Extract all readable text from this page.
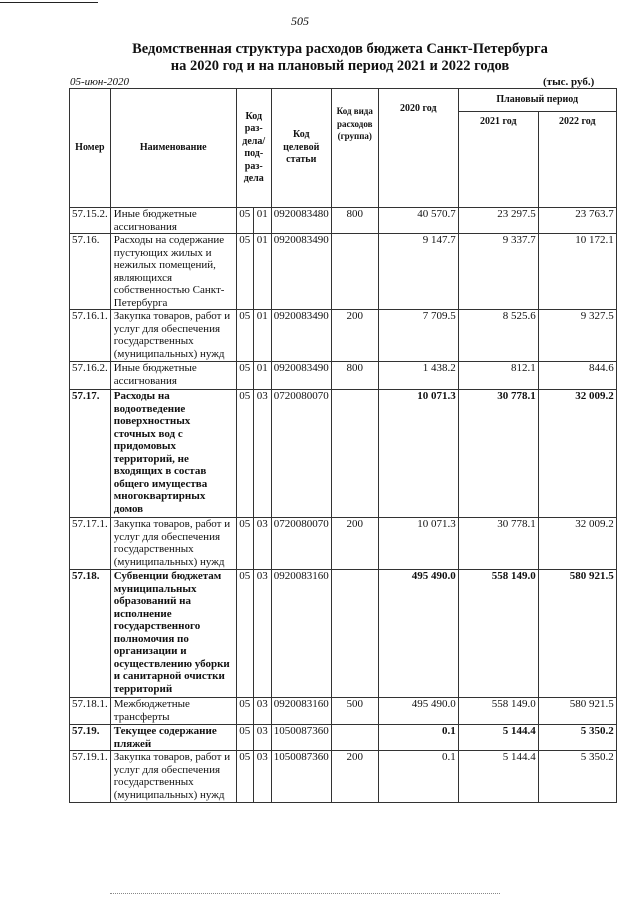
505
Ведомственная структура расходов бюджета Санкт-Петербурга
на 2020 год и на плановый период 2021 и 2022 годов
05-июн-2020	(тыс. руб.)
Номер	Наименование	Код раз-дела/ под-раз-дела		Код целевой статьи	Код вида расходов (группа)	2020 год	Плановый период	
							2021 год	2022 год
57.15.2.	Иные бюджетные ассигнования	05	01	0920083480	800	40 570.7	23 297.5	23 763.7
57.16.	Расходы на содержание пустующих жилых и нежилых помещений, являющихся собственностью Санкт-Петербурга	05	01	0920083490		9 147.7	9 337.7	10 172.1
57.16.1.	Закупка товаров, работ и услуг для обеспечения государственных (муниципальных) нужд	05	01	0920083490	200	7 709.5	8 525.6	9 327.5
57.16.2.	Иные бюджетные ассигнования	05	01	0920083490	800	1 438.2	812.1	844.6
57.17.	Расходы на водоотведение поверхностных сточных вод с придомовых территорий, не входящих в состав общего имущества многоквартирных домов	05	03	0720080070		10 071.3	30 778.1	32 009.2
57.17.1.	Закупка товаров, работ и услуг для обеспечения государственных (муниципальных) нужд	05	03	0720080070	200	10 071.3	30 778.1	32 009.2
57.18.	Субвенции бюджетам муниципальных образований на исполнение государственного полномочия по организации и осуществлению уборки и санитарной очистки территорий	05	03	0920083160		495 490.0	558 149.0	580 921.5
57.18.1.	Межбюджетные трансферты	05	03	0920083160	500	495 490.0	558 149.0	580 921.5
57.19.	Текущее содержание пляжей	05	03	1050087360		0.1	5 144.4	5 350.2
57.19.1.	Закупка товаров, работ и услуг для обеспечения государственных (муниципальных) нужд	05	03	1050087360	200	0.1	5 144.4	5 350.2
